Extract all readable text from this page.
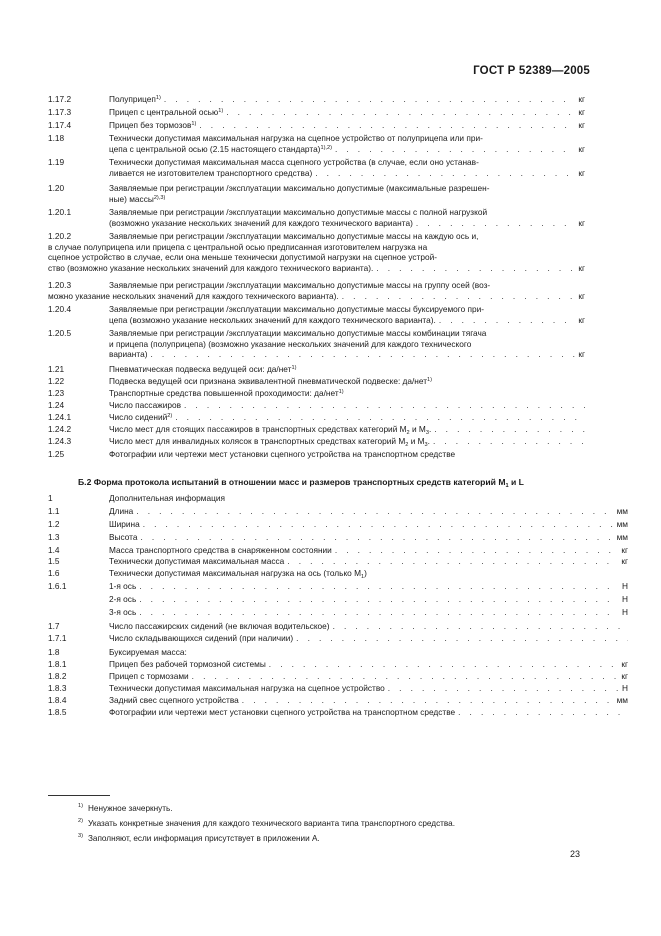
ГОСТ Р 52389—2005
1.17.2	Полуприцеп$^{1)}$ . . .	кг
1.17.3	Прицеп с центральной осью$^{1)}$ . . .	кг
1.17.4	Прицеп без тормозов$^{1)}$ . . .	кг
1.18	Технически допустимая максимальная нагрузка на сцепное устройство от полуприцепа или при-
цепа с центральной осью (2.15 настоящего стандарта)$^{1),2)}$ . . .	кг
1.19	Технически допустимая максимальная масса сцепного устройства (в случае, если оно устанав-
ливается не изготовителем транспортного средства) . . .	кг
1.20	Заявляемые при регистрации /эксплуатации максимально допустимые (максимальные разрешен-
ные) массы$^{2),3)}$
1.20.1	Заявляемые при регистрации /эксплуатации максимально допустимые массы с полной нагрузкой
(возможно указание нескольких значений для каждого технического варианта) . . .	кг
1.20.2	Заявляемые при регистрации /эксплуатации максимально допустимые массы на каждую ось и,
в случае полуприцепа или прицепа с центральной осью предписанная изготовителем нагрузка на
сцепное устройство в случае, если она меньше технически допустимой нагрузки на сцепное устрой-
ство (возможно указание нескольких значений для каждого технического варианта). . . .	кг
1.20.3	Заявляемые при регистрации /эксплуатации максимально допустимые массы на группу осей (воз-
можно указание нескольких значений для каждого технического варианта). . . .	кг
1.20.4	Заявляемые при регистрации /эксплуатации максимально допустимые массы буксируемого при-
цепа (возможно указание нескольких значений для каждого технического варианта). . . .	кг
1.20.5	Заявляемые при регистрации /эксплуатации максимально допустимые массы комбинации тягача
и прицепа (полуприцепа) (возможно указание нескольких значений для каждого технического
варианта) . . .	кг
1.21	Пневматическая подвеска ведущей оси: да/нет$^{1)}$
1.22	Подвеска ведущей оси признана эквивалентной пневматической подвеске: да/нет$^{1)}$
1.23	Транспортные средства повышенной проходимости: да/нет$^{1)}$
1.24	Число пассажиров
. . .
1.24.1	Число сидений$^{2)}$
. . .
1.24.2	Число мест для стоящих пассажиров в транспортных средствах категорий $M_2$ и $M_3$.
. . .
1.24.3	Число мест для инвалидных колясок в транспортных средствах категорий $M_2$ и $M_3$.
. . .
1.25	Фотографии или чертежи мест установки сцепного устройства на транспортном средстве
Б.2 Форма протокола испытаний в отношении масс и размеров транспортных средств категорий $M_1$ и L
1	Дополнительная информация
1.1	Длина . . .	мм
1.2	Ширина . . .	мм
1.3	Высота . . .	мм
1.4	Масса транспортного средства в снаряженном состоянии . . .	кг
1.5	Технически допустимая максимальная масса . . .	кг
1.6	Технически допустимая максимальная нагрузка на ось (только $M_1$)
1.6.1	1-я ось . . .	Н
2-я ось . . .	Н
3-я ось . . .	Н
1.7	Число пассажирских сидений (не включая водительское)
. . .
1.7.1	Число складывающихся сидений (при наличии)
. . .
1.8	Буксируемая масса:
1.8.1	Прицеп без рабочей тормозной системы . . .	кг
1.8.2	Прицеп с тормозами . . .	кг
1.8.3	Технически допустимая максимальная нагрузка на сцепное устройство . . .	Н
1.8.4	Задний свес сцепного устройства . . .	мм
1.8.5	Фотографии или чертежи мест установки сцепного устройства на транспортном средстве
. . .
$^{1)}$ Ненужное зачеркнуть.
$^{2)}$ Указать конкретные значения для каждого технического варианта типа транспортного средства.
$^{3)}$ Заполняют, если информация присутствует в приложении А.
23
